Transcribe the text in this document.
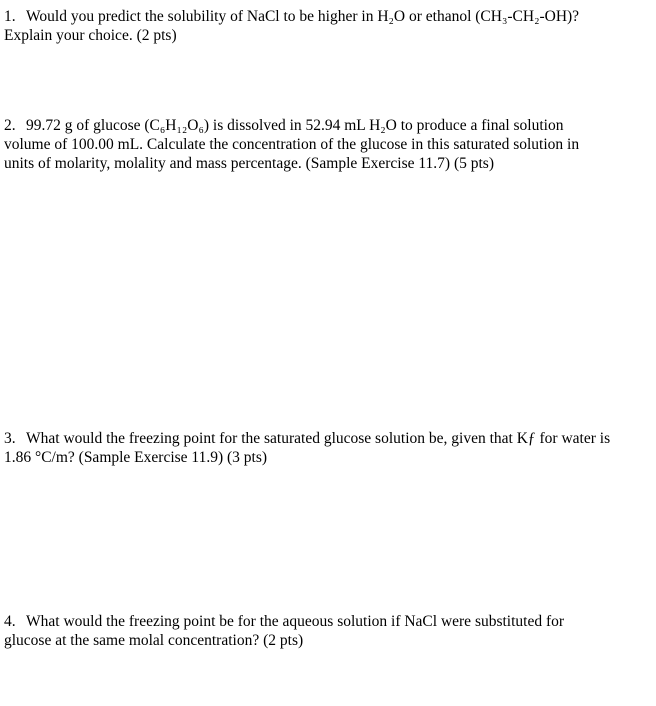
1. Would you predict the solubility of NaCl to be higher in H₂O or ethanol (CH₃-CH₂-OH)?
Explain your choice. (2 pts)
2. 99.72 g of glucose (C₆H₁₂O₆) is dissolved in 52.94 mL H₂O to produce a final solution
volume of 100.00 mL. Calculate the concentration of the glucose in this saturated solution in
units of molarity, molality and mass percentage. (Sample Exercise 11.7) (5 pts)
3. What would the freezing point for the saturated glucose solution be, given that Kƒ for water is
1.86 °C/m? (Sample Exercise 11.9) (3 pts)
4. What would the freezing point be for the aqueous solution if NaCl were substituted for
glucose at the same molal concentration? (2 pts)
